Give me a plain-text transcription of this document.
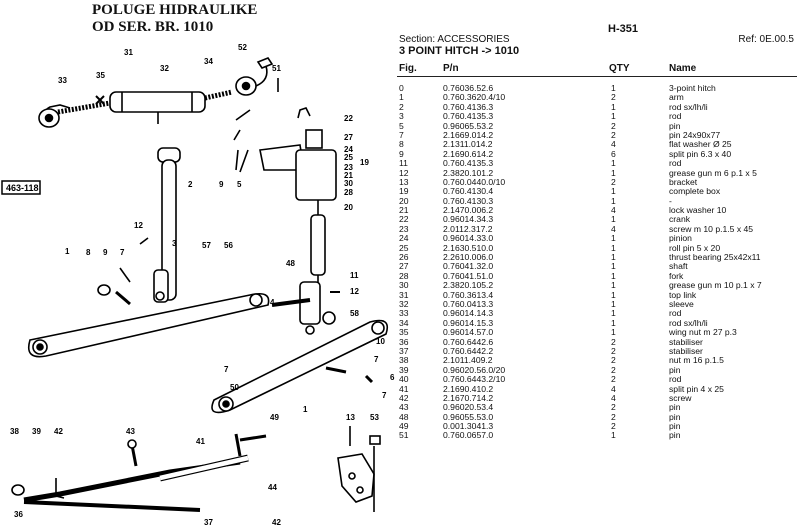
POLUGE HIDRAULIKE
OD SER. BR. 1010
463-118
31
32
33
34
35
52
51
22
27
24
25
23
21
30
28
20
19
2	9 5
12
3	57 56
8 9 7
1
48
11
12
4
58
10
7
6
7
7
50
49
1
41
13 53
38 39 42	43
37
44
42
36
H-351
Section: ACCESSORIES	Ref: 0E.00.5
3 POINT HITCH -> 1010
Fig.	P/n	QTY	Name
0	0.76036.52.6	1	3-point hitch
1	0.760.3620.4/10	2	arm
2	0.760.4136.3	1	rod sx/lh/li
3	0.760.4135.3	1	rod
5	0.96065.53.2	2	pin
7	2.1669.014.2	2	pin 24x90x77
8	2.1311.014.2	4	flat washer Ø 25
9	2.1690.614.2	6	split pin 6.3 x 40
11	0.760.4135.3	1	rod
12	2.3820.101.2	1	grease gun m 6 p.1 x 5
13	0.760.0440.0/10	2	bracket
19	0.760.4130.4	1	complete box
20	0.760.4130.3	1	-
21	2.1470.006.2	4	lock washer 10
22	0.96014.34.3	1	crank
23	2.0112.317.2	4	screw m 10 p.1.5 x 45
24	0.96014.33.0	1	pinion
25	2.1630.510.0	1	roll pin 5 x 20
26	2.2610.006.0	1	thrust bearing 25x42x11
27	0.76041.32.0	1	shaft
28	0.76041.51.0	1	fork
30	2.3820.105.2	1	grease gun m 10 p.1 x 7
31	0.760.3613.4	1	top link
32	0.760.0413.3	1	sleeve
33	0.96014.14.3	1	rod
34	0.96014.15.3	1	rod sx/lh/li
35	0.96014.57.0	1	wing nut m 27 p.3
36	0.760.6442.6	2	stabiliser
37	0.760.6442.2	2	stabiliser
38	2.1011.409.2	2	nut m 16 p.1.5
39	0.96020.56.0/20	2	pin
40	0.760.6443.2/10	2	rod
41	2.1690.410.2	4	split pin 4 x 25
42	2.1670.714.2	4	screw
43	0.96020.53.4	2	pin
48	0.96055.53.0	2	pin
49	0.001.3041.3	2	pin
51	0.760.0657.0	1	pin
